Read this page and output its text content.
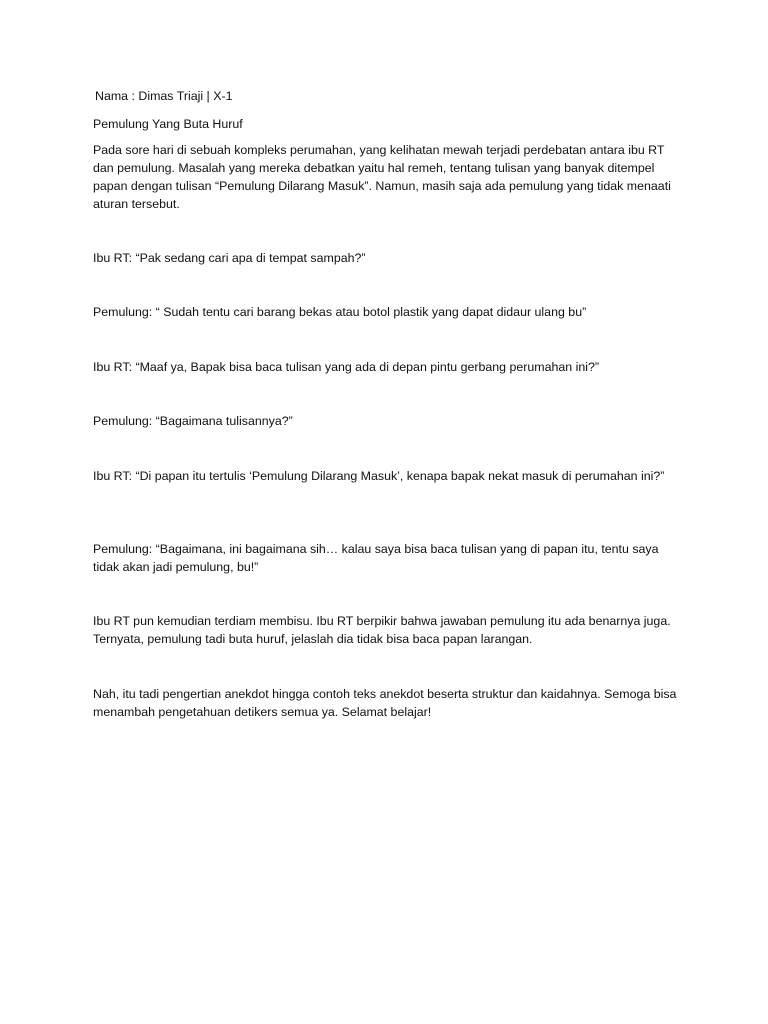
Nama : Dimas Triaji | X-1

Pemulung Yang Buta Huruf

Pada sore hari di sebuah kompleks perumahan, yang kelihatan mewah terjadi perdebatan antara ibu RT dan pemulung. Masalah yang mereka debatkan yaitu hal remeh, tentang tulisan yang banyak ditempel papan dengan tulisan “Pemulung Dilarang Masuk”. Namun, masih saja ada pemulung yang tidak menaati aturan tersebut.

Ibu RT: “Pak sedang cari apa di tempat sampah?”

Pemulung: “ Sudah tentu cari barang bekas atau botol plastik yang dapat didaur ulang bu”

Ibu RT: “Maaf ya, Bapak bisa baca tulisan yang ada di depan pintu gerbang perumahan ini?”

Pemulung: “Bagaimana tulisannya?”

Ibu RT: “Di papan itu tertulis ‘Pemulung Dilarang Masuk’, kenapa bapak nekat masuk di perumahan ini?”

Pemulung: “Bagaimana, ini bagaimana sih… kalau saya bisa baca tulisan yang di papan itu, tentu saya tidak akan jadi pemulung, bu!”

Ibu RT pun kemudian terdiam membisu. Ibu RT berpikir bahwa jawaban pemulung itu ada benarnya juga. Ternyata, pemulung tadi buta huruf, jelaslah dia tidak bisa baca papan larangan.

Nah, itu tadi pengertian anekdot hingga contoh teks anekdot beserta struktur dan kaidahnya. Semoga bisa menambah pengetahuan detikers semua ya. Selamat belajar!
